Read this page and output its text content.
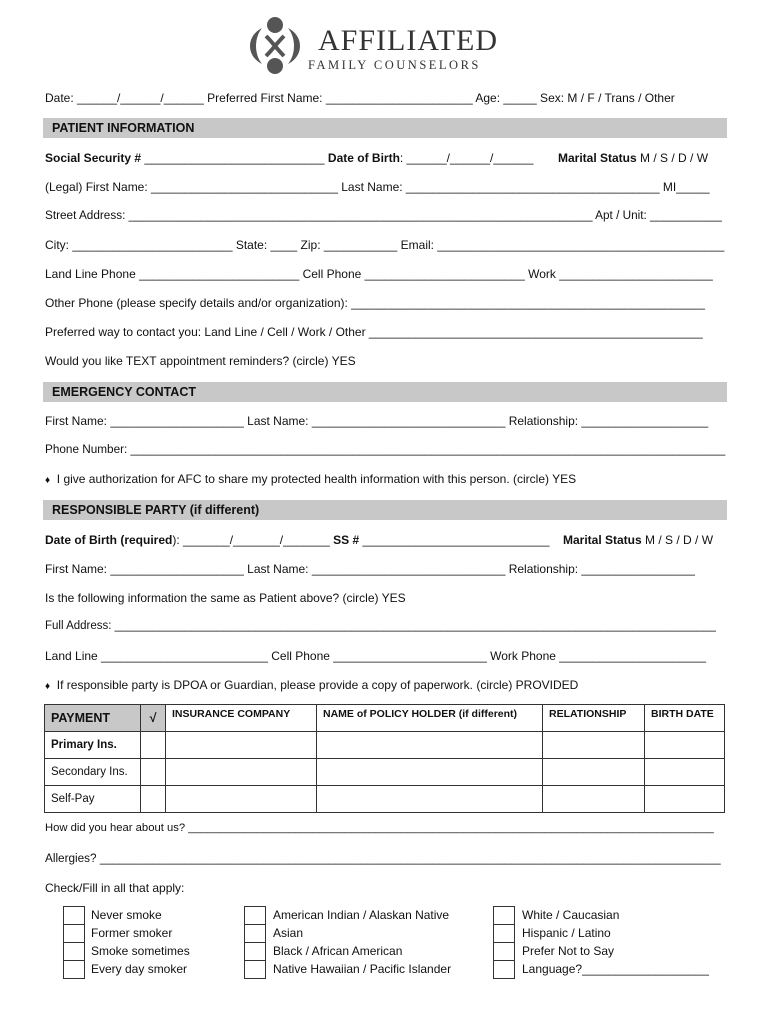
AFFILIATED
FAMILY COUNSELORS
Date: ______/______/______ Preferred First Name: ______________________ Age: _____ Sex: M / F / Trans / Other
PATIENT INFORMATION
Social Security # ___________________________ Date of Birth: ______/______/______ Marital Status M / S / D / W
(Legal) First Name: ____________________________ Last Name: ______________________________________ MI_____
Street Address: _______________________________________________________________________ Apt / Unit: ___________
City: ________________________ State: ____ Zip: ___________ Email: ___________________________________________
Land Line Phone ________________________ Cell Phone ________________________ Work _______________________
Other Phone (please specify details and/or organization): _____________________________________________________
Preferred way to contact you: Land Line / Cell / Work / Other __________________________________________________
Would you like TEXT appointment reminders? (circle) YES
EMERGENCY CONTACT
First Name: ____________________ Last Name: _____________________________ Relationship: ___________________
Phone Number: ___________________________________________________________________________________________
♦ I give authorization for AFC to share my protected health information with this person. (circle) YES
RESPONSIBLE PARTY (if different)
Date of Birth (required): _______/_______/_______ SS # ____________________________ Marital Status M / S / D / W
First Name: ____________________ Last Name: _____________________________ Relationship: _________________
Is the following information the same as Patient above? (circle) YES
Full Address: ______________________________________________________________________________________________
Land Line _________________________ Cell Phone _______________________ Work Phone ______________________
♦ If responsible party is DPOA or Guardian, please provide a copy of paperwork. (circle) PROVIDED
PAYMENT	√	INSURANCE COMPANY	NAME of POLICY HOLDER (if different)	RELATIONSHIP	BIRTH DATE
Primary Ins.					
Secondary Ins.					
Self-Pay					
How did you hear about us? ____________________________________________________________________________________
Allergies? _______________________________________________________________________________________________
Check/Fill in all that apply:
Never smoke
Former smoker
Smoke sometimes
Every day smoker
American Indian / Alaskan Native
Asian
Black / African American
Native Hawaiian / Pacific Islander
White / Caucasian
Hispanic / Latino
Prefer Not to Say
Language?___________________
